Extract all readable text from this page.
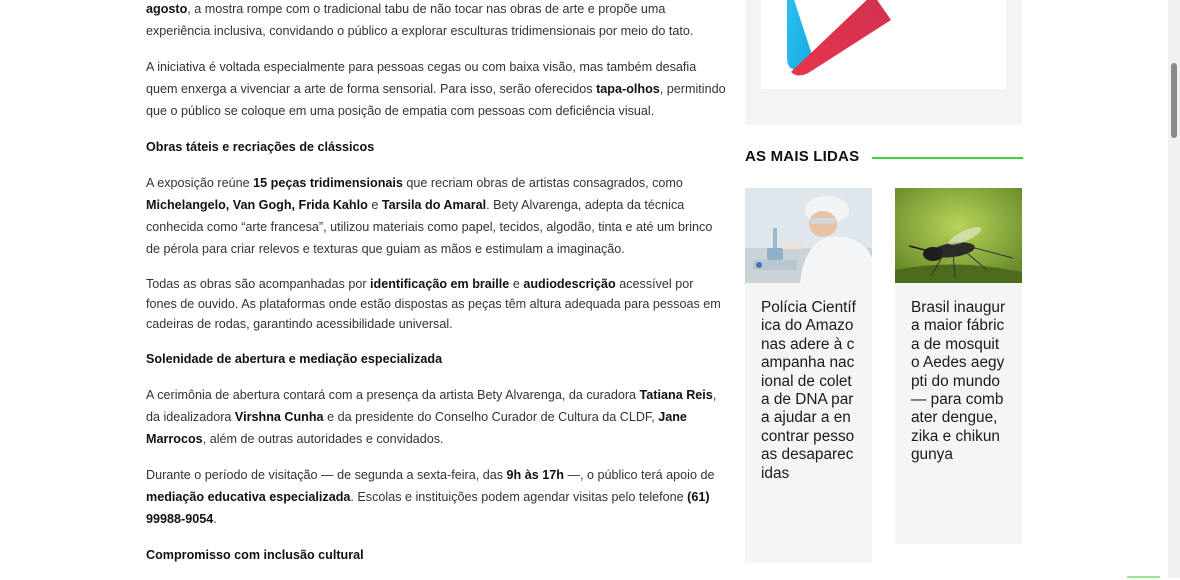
agosto, a mostra rompe com o tradicional tabu de não tocar nas obras de arte e propõe uma experiência inclusiva, convidando o público a explorar esculturas tridimensionais por meio do tato.

A iniciativa é voltada especialmente para pessoas cegas ou com baixa visão, mas também desafia quem enxerga a vivenciar a arte de forma sensorial. Para isso, serão oferecidos tapa-olhos, permitindo que o público se coloque em uma posição de empatia com pessoas com deficiência visual.

Obras táteis e recriações de clássicos

A exposição reúne 15 peças tridimensionais que recriam obras de artistas consagrados, como Michelangelo, Van Gogh, Frida Kahlo e Tarsila do Amaral. Bety Alvarenga, adepta da técnica conhecida como “arte francesa”, utilizou materiais como papel, tecidos, algodão, tinta e até um brinco de pérola para criar relevos e texturas que guiam as mãos e estimulam a imaginação.

Todas as obras são acompanhadas por identificação em braille e audiodescrição acessível por fones de ouvido. As plataformas onde estão dispostas as peças têm altura adequada para pessoas em cadeiras de rodas, garantindo acessibilidade universal.

Solenidade de abertura e mediação especializada

A cerimônia de abertura contará com a presença da artista Bety Alvarenga, da curadora Tatiana Reis, da idealizadora Virshna Cunha e da presidente do Conselho Curador de Cultura da CLDF, Jane Marrocos, além de outras autoridades e convidados.

Durante o período de visitação — de segunda a sexta-feira, das 9h às 17h —, o público terá apoio de mediação educativa especializada. Escolas e instituições podem agendar visitas pelo telefone (61) 99988-9054.

Compromisso com inclusão cultural
AS MAIS LIDAS
Polícia Científica do Amazonas adere à campanha nacional de coleta de DNA para ajudar a encontrar pessoas desaparecidas
Brasil inaugura maior fábrica de mosquito Aedes aegypti do mundo — para combater dengue, zika e chikungunya
